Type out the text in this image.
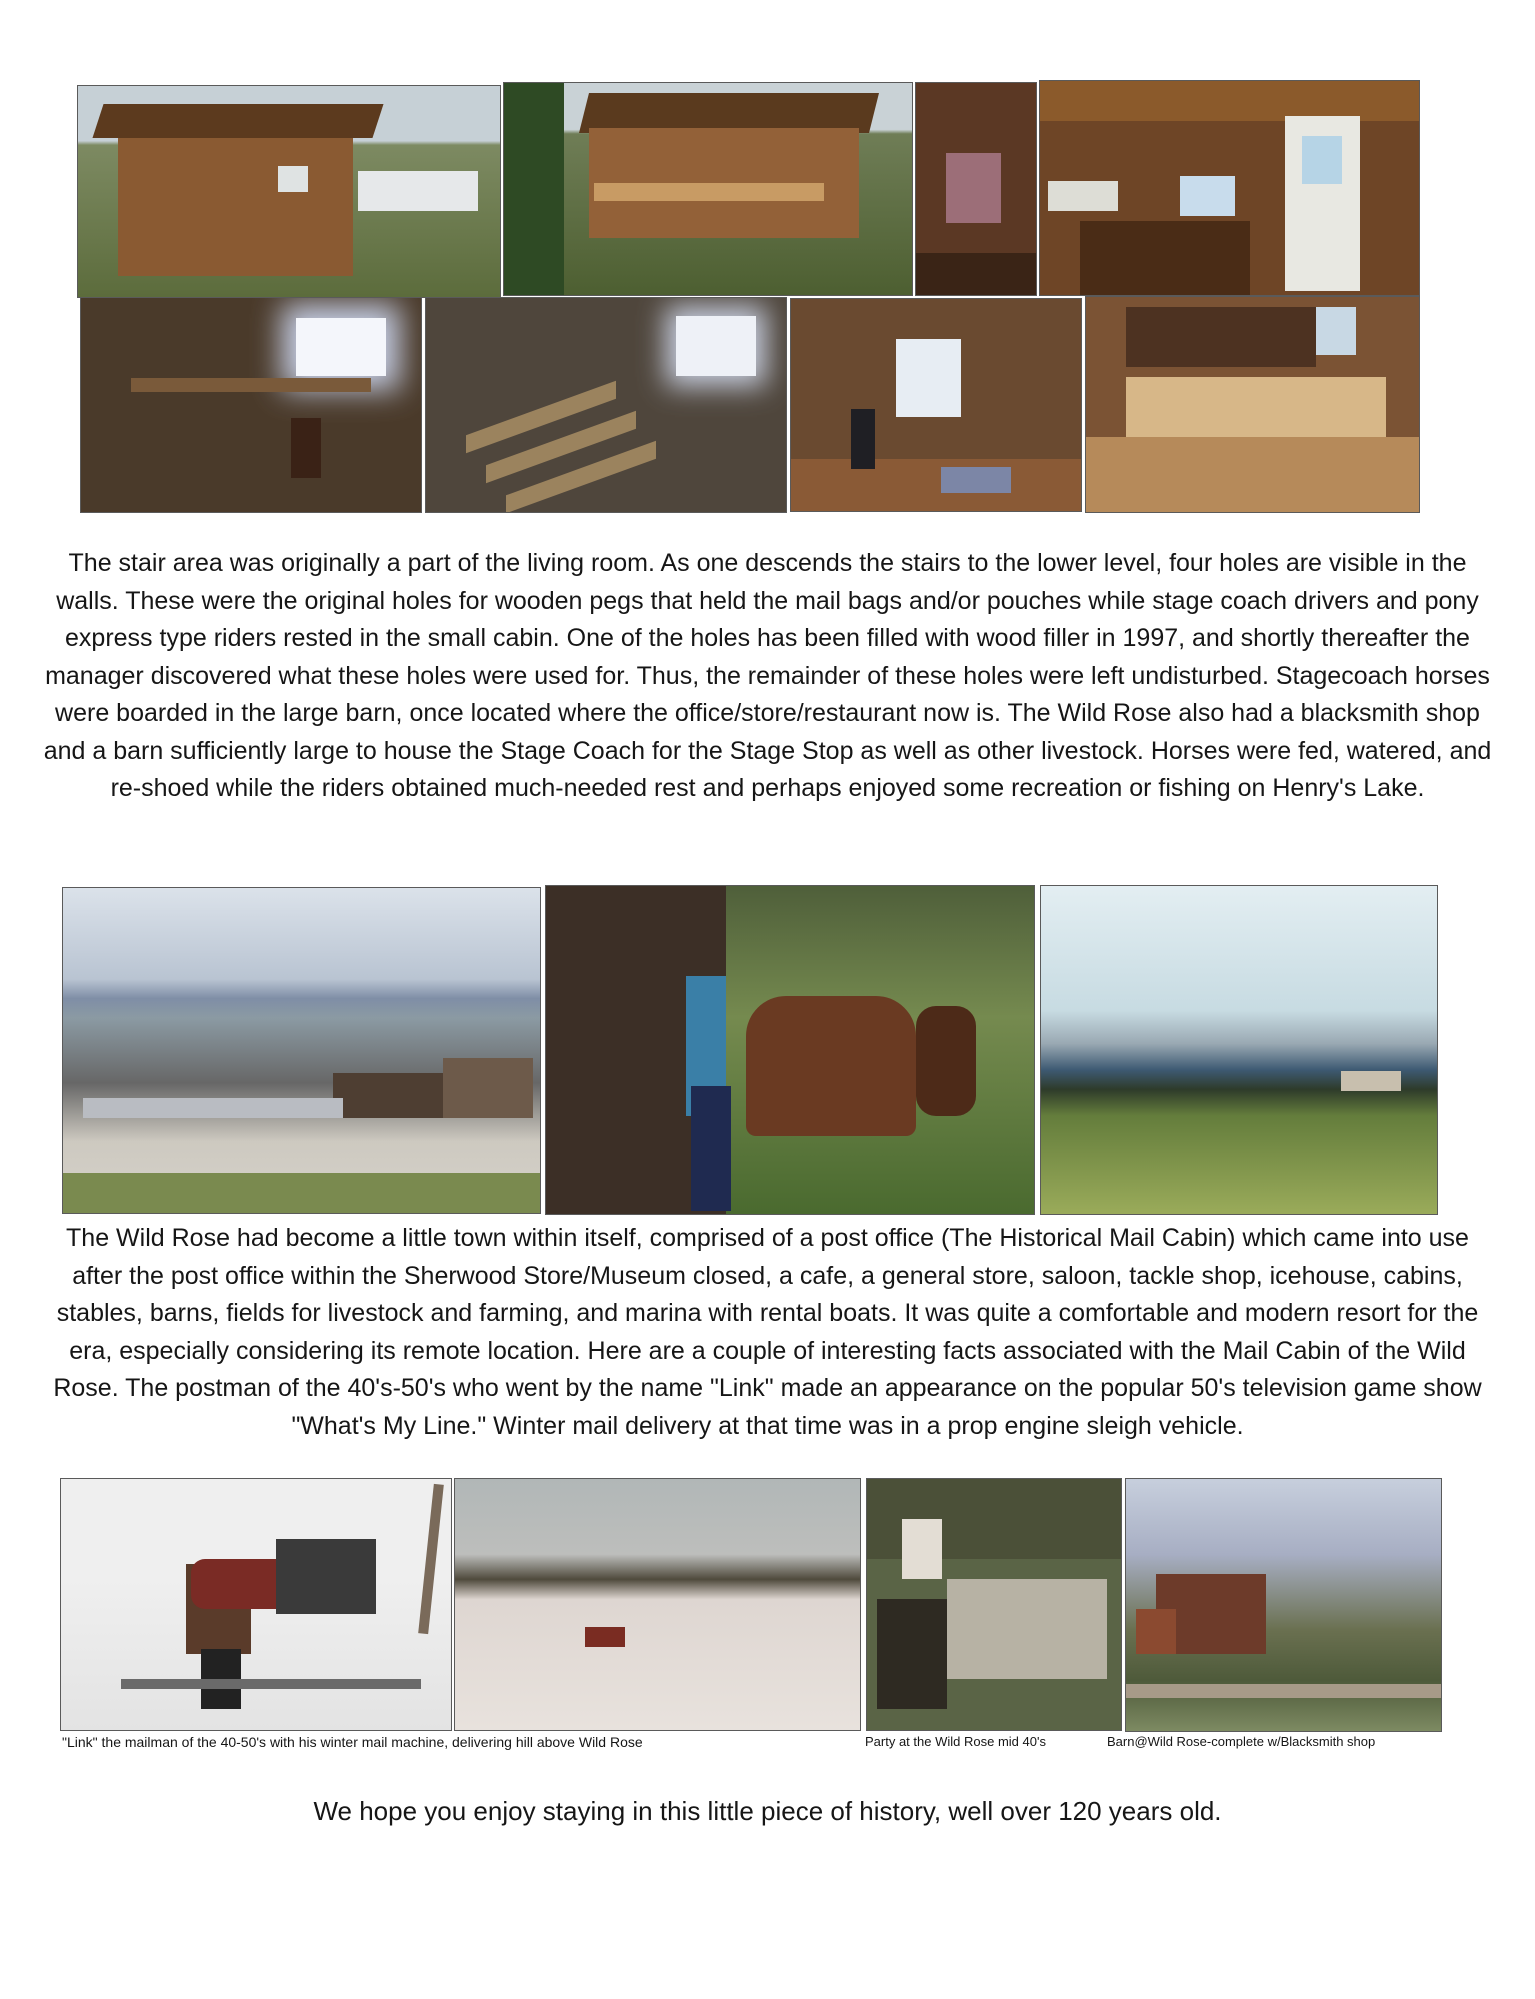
The stair area was originally a part of the living room. As one descends the stairs to the lower level, four holes are visible in the walls. These were the original holes for wooden pegs that held the mail bags and/or pouches while stage coach drivers and pony express type riders rested in the small cabin. One of the holes has been filled with wood filler in 1997, and shortly thereafter the manager discovered what these holes were used for. Thus, the remainder of these holes were left undisturbed. Stagecoach horses were boarded in the large barn, once located where the office/store/restaurant now is. The Wild Rose also had a blacksmith shop and a barn sufficiently large to house the Stage Coach for the Stage Stop as well as other livestock. Horses were fed, watered, and re-shoed while the riders obtained much-needed rest and perhaps enjoyed some recreation or fishing on Henry's Lake.

The Wild Rose had become a little town within itself, comprised of a post office (The Historical Mail Cabin) which came into use after the post office within the Sherwood Store/Museum closed, a cafe, a general store, saloon, tackle shop, icehouse, cabins, stables, barns, fields for livestock and farming, and marina with rental boats. It was quite a comfortable and modern resort for the era, especially considering its remote location. Here are a couple of interesting facts associated with the Mail Cabin of the Wild Rose. The postman of the 40's-50's who went by the name "Link" made an appearance on the popular 50's television game show "What's My Line." Winter mail delivery at that time was in a prop engine sleigh vehicle.

"Link" the mailman of the 40-50's with his winter mail machine, delivering hill above Wild Rose	Party at the Wild Rose mid 40's	Barn@Wild Rose-complete w/Blacksmith shop

We hope you enjoy staying in this little piece of history, well over 120 years old.
